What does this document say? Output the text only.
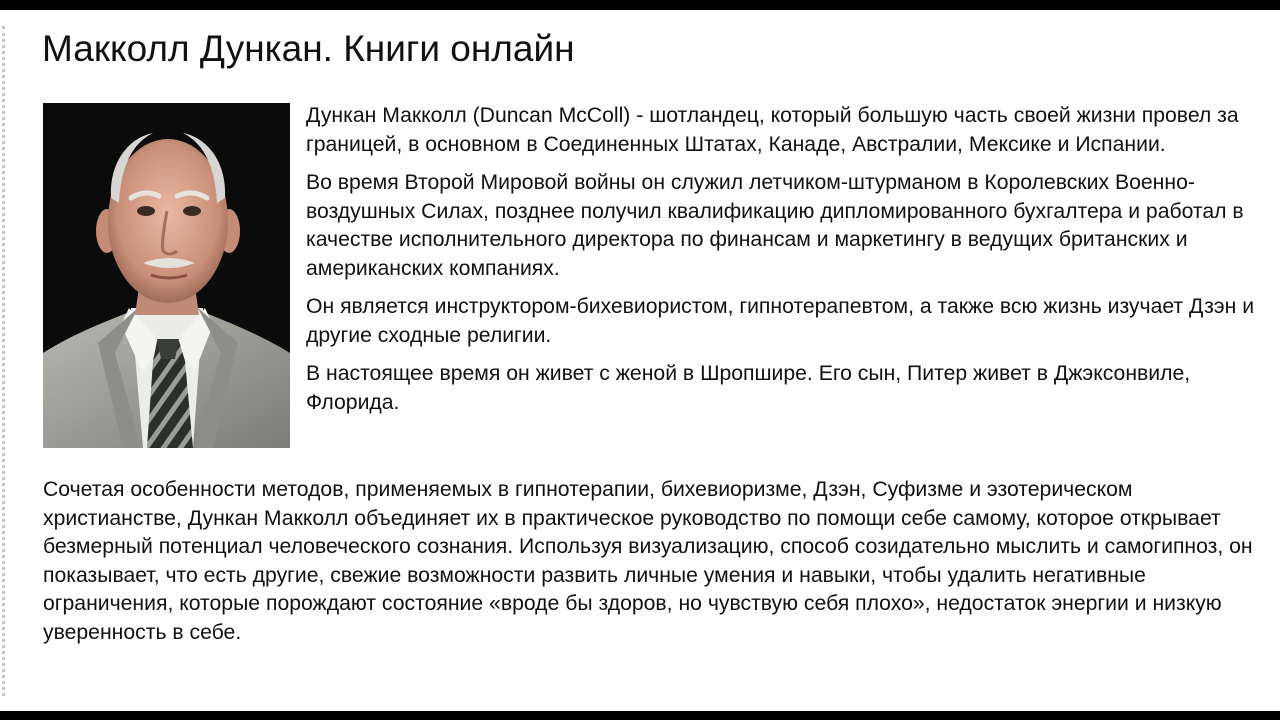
Макколл Дункан. Книги онлайн

Дункан Макколл (Duncan McColl) - шотландец, который большую часть своей жизни провел за границей, в основном в Соединенных Штатах, Канаде, Австралии, Мексике и Испании.

Во время Второй Мировой войны он служил летчиком-штурманом в Королевских Военно-воздушных Силах, позднее получил квалификацию дипломированного бухгалтера и работал в качестве исполнительного директора по финансам и маркетингу в ведущих британских и американских компаниях.

Он является инструктором-бихевиористом, гипнотерапевтом, а также всю жизнь изучает Дзэн и другие сходные религии.

В настоящее время он живет с женой в Шропшире. Его сын, Питер живет в Джэксонвиле, Флорида.

Сочетая особенности методов, применяемых в гипнотерапии, бихевиоризме, Дзэн, Суфизме и эзотерическом христианстве, Дункан Макколл объединяет их в практическое руководство по помощи себе самому, которое открывает безмерный потенциал человеческого сознания. Используя визуализацию, способ созидательно мыслить и самогипноз, он показывает, что есть другие, свежие возможности развить личные умения и навыки, чтобы удалить негативные ограничения, которые порождают состояние «вроде бы здоров, но чувствую себя плохо», недостаток энергии и низкую уверенность в себе.
